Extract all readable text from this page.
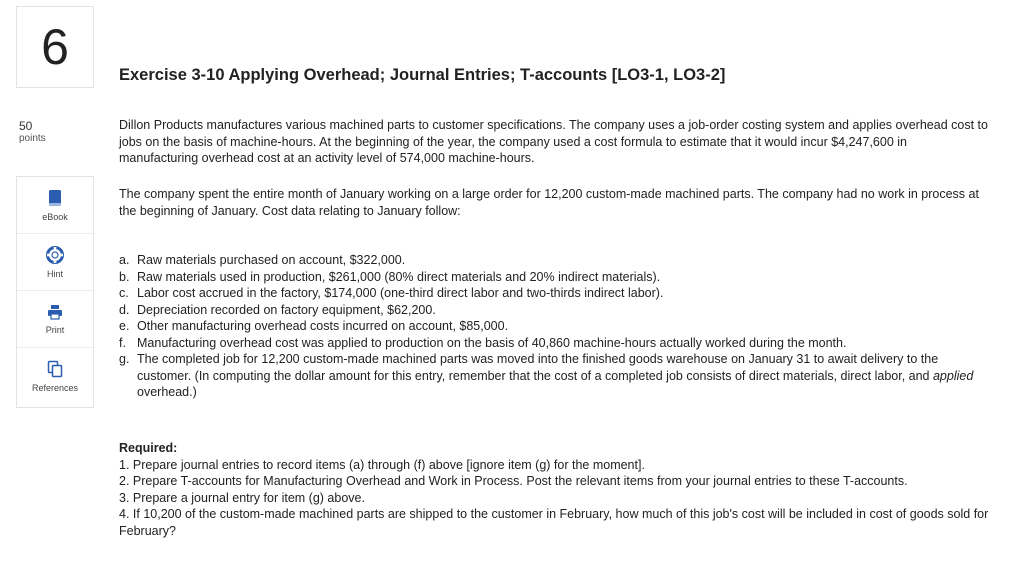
6
50
points
eBook
Hint
Print
References
Exercise 3-10 Applying Overhead; Journal Entries; T-accounts [LO3-1, LO3-2]

Dillon Products manufactures various machined parts to customer specifications. The company uses a job-order costing system and applies overhead cost to jobs on the basis of machine-hours. At the beginning of the year, the company used a cost formula to estimate that it would incur $4,247,600 in manufacturing overhead cost at an activity level of 574,000 machine-hours.

The company spent the entire month of January working on a large order for 12,200 custom-made machined parts. The company had no work in process at the beginning of January. Cost data relating to January follow:

a. Raw materials purchased on account, $322,000.
b. Raw materials used in production, $261,000 (80% direct materials and 20% indirect materials).
c. Labor cost accrued in the factory, $174,000 (one-third direct labor and two-thirds indirect labor).
d. Depreciation recorded on factory equipment, $62,200.
e. Other manufacturing overhead costs incurred on account, $85,000.
f. Manufacturing overhead cost was applied to production on the basis of 40,860 machine-hours actually worked during the month.
g. The completed job for 12,200 custom-made machined parts was moved into the finished goods warehouse on January 31 to await delivery to the customer. (In computing the dollar amount for this entry, remember that the cost of a completed job consists of direct materials, direct labor, and applied overhead.)
Required:
1. Prepare journal entries to record items (a) through (f) above [ignore item (g) for the moment].
2. Prepare T-accounts for Manufacturing Overhead and Work in Process. Post the relevant items from your journal entries to these T-accounts.
3. Prepare a journal entry for item (g) above.
4. If 10,200 of the custom-made machined parts are shipped to the customer in February, how much of this job's cost will be included in cost of goods sold for February?
